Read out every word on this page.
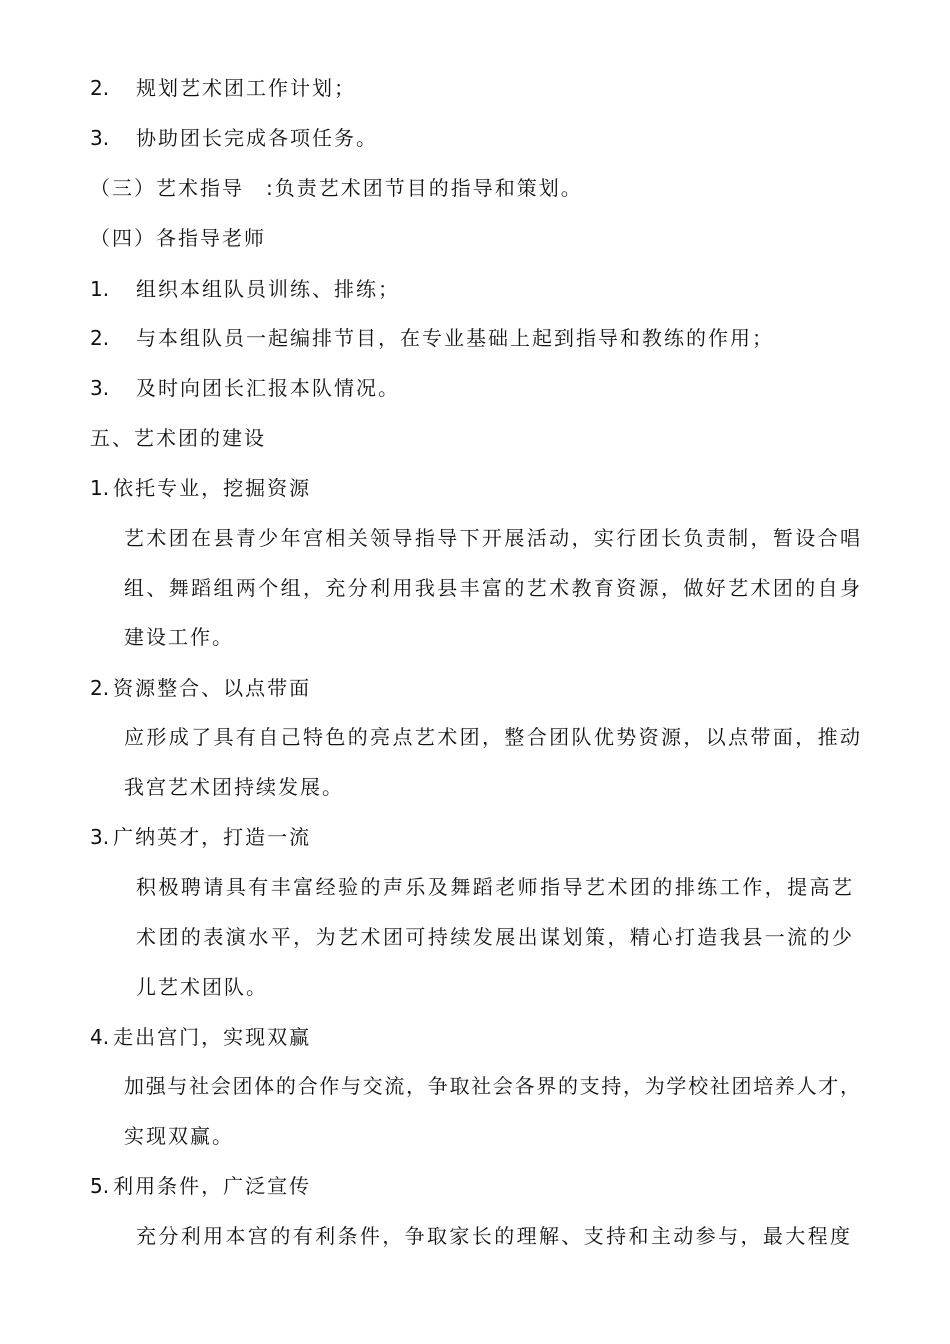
2. 规划艺术团工作计划；
3. 协助团长完成各项任务。
（三）艺术指导　:负责艺术团节目的指导和策划。
（四）各指导老师
1. 组织本组队员训练、排练；
2. 与本组队员一起编排节目，在专业基础上起到指导和教练的作用；
3. 及时向团长汇报本队情况。
五、艺术团的建设
1. 依托专业，挖掘资源
艺术团在县青少年宫相关领导指导下开展活动，实行团长负责制，暂设合唱
组、舞蹈组两个组，充分利用我县丰富的艺术教育资源，做好艺术团的自身
建设工作。
2. 资源整合、以点带面
应形成了具有自己特色的亮点艺术团，整合团队优势资源，以点带面，推动
我宫艺术团持续发展。
3. 广纳英才，打造一流
积极聘请具有丰富经验的声乐及舞蹈老师指导艺术团的排练工作，提高艺
术团的表演水平，为艺术团可持续发展出谋划策，精心打造我县一流的少
儿艺术团队。
4. 走出宫门，实现双赢
加强与社会团体的合作与交流，争取社会各界的支持，为学校社团培养人才，
实现双赢。
5. 利用条件，广泛宣传
充分利用本宫的有利条件，争取家长的理解、支持和主动参与，最大程度
